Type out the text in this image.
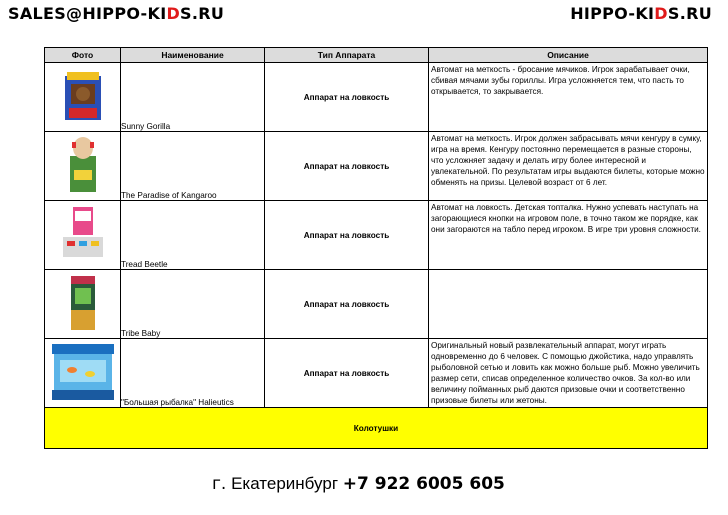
SALES@HIPPO-KIDS.RU	HIPPO-KIDS.RU
Фото	Наименование	Тип Аппарата	Описание
	Sunny Gorilla	Аппарат на ловкость	Автомат на меткость - бросание мячиков. Игрок зарабатывает очки, сбивая мячами зубы гориллы. Игра усложняется тем, что пасть то открывается, то закрывается.
	The Paradise of Kangaroo	Аппарат на ловкость	Автомат на меткость. Игрок должен забрасывать мячи кенгуру в сумку, игра на время. Кенгуру постоянно перемещается в разные стороны, что усложняет задачу и делать игру более интересной и увлекательной. По результатам игры выдаются билеты, которые можно обменять на призы. Целевой возраст от 6 лет.
	Tread Beetle	Аппарат на ловкость	Автомат на ловкость. Детская топталка. Нужно успевать наступать на загорающиеся кнопки на игровом поле, в точно таком же порядке, как они загораются на табло перед игроком. В игре три уровня сложности.
	Tribe Baby	Аппарат на ловкость	
	"Большая рыбалка" Halieutics	Аппарат на ловкость	Оригинальный новый развлекательный аппарат, могут играть одновременно до 6 человек. С помощью джойстика, надо управлять рыболовной сетью и ловить как можно больше рыб. Можно увеличить размер сети, списав определенное количество очков. За кол-во или величину пойманных рыб даются призовые очки и соответственно призовые билеты или жетоны.
Колотушки			
г. Екатеринбург +7 922 6005 605
